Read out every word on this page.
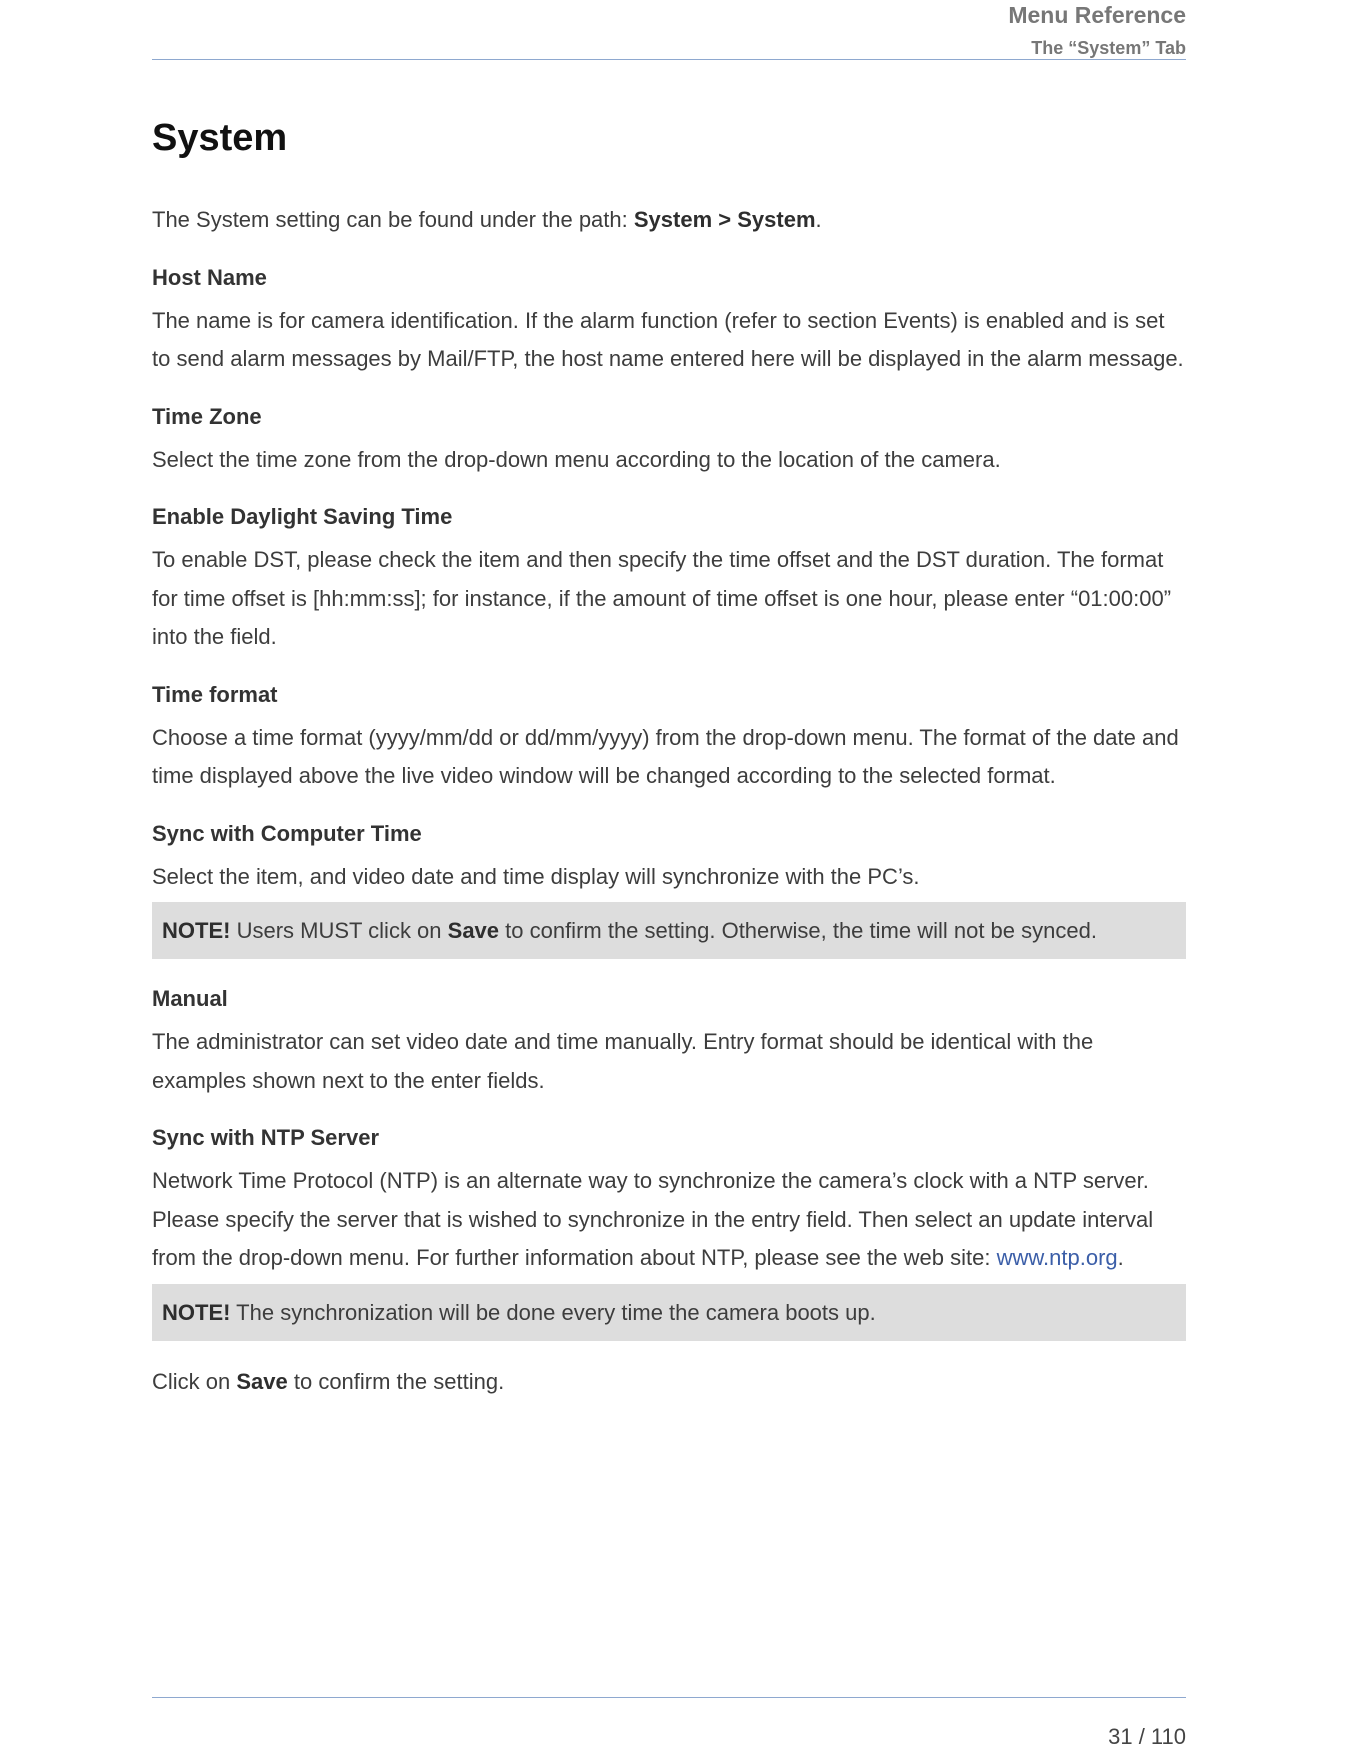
Menu Reference
The “System” Tab
System

The System setting can be found under the path: System > System.

Host Name

The name is for camera identification. If the alarm function (refer to section Events) is enabled and is set to send alarm messages by Mail/FTP, the host name entered here will be displayed in the alarm message.

Time Zone

Select the time zone from the drop-down menu according to the location of the camera.

Enable Daylight Saving Time

To enable DST, please check the item and then specify the time offset and the DST duration. The format for time offset is [hh:mm:ss]; for instance, if the amount of time offset is one hour, please enter “01:00:00” into the field.

Time format

Choose a time format (yyyy/mm/dd or dd/mm/yyyy) from the drop-down menu. The format of the date and time displayed above the live video window will be changed according to the selected format.

Sync with Computer Time

Select the item, and video date and time display will synchronize with the PC’s.

NOTE! Users MUST click on Save to confirm the setting. Otherwise, the time will not be synced.
Manual

The administrator can set video date and time manually. Entry format should be identical with the examples shown next to the enter fields.

Sync with NTP Server

Network Time Protocol (NTP) is an alternate way to synchronize the camera’s clock with a NTP server. Please specify the server that is wished to synchronize in the entry field. Then select an update interval from the drop-down menu. For further information about NTP, please see the web site: www.ntp.org.

NOTE! The synchronization will be done every time the camera boots up.

Click on Save to confirm the setting.

31 / 110
